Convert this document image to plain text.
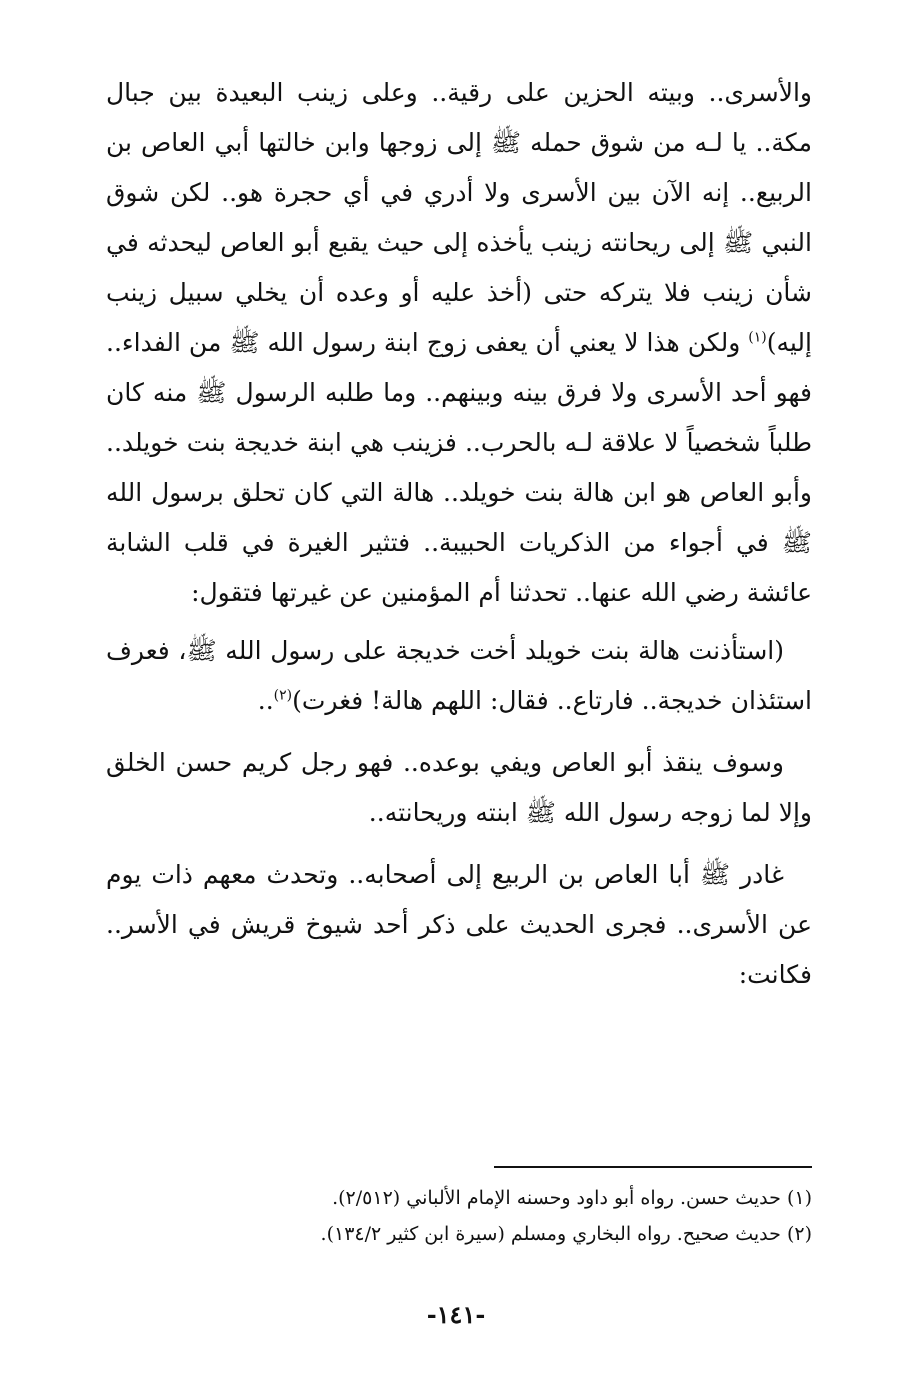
والأسرى.. وبيته الحزين على رقية.. وعلى زينب البعيدة بين جبال مكة.. يا لـه من شوق حمله ﷺ إلى زوجها وابن خالتها أبي العاص بن الربيع.. إنه الآن بين الأسرى ولا أدري في أي حجرة هو.. لكن شوق النبي ﷺ إلى ريحانته زينب يأخذه إلى حيث يقبع أبو العاص ليحدثه في شأن زينب فلا يتركه حتى (أخذ عليه أو وعده أن يخلي سبيل زينب إليه)$^{(١)}$ ولكن هذا لا يعني أن يعفى زوج ابنة رسول الله ﷺ من الفداء.. فهو أحد الأسرى ولا فرق بينه وبينهم.. وما طلبه الرسول ﷺ منه كان طلباً شخصياً لا علاقة لـه بالحرب.. فزينب هي ابنة خديجة بنت خويلد.. وأبو العاص هو ابن هالة بنت خويلد.. هالة التي كان تحلق برسول الله ﷺ في أجواء من الذكريات الحبيبة.. فتثير الغيرة في قلب الشابة عائشة رضي الله عنها.. تحدثنا أم المؤمنين عن غيرتها فتقول:

(استأذنت هالة بنت خويلد أخت خديجة على رسول الله ﷺ، فعرف استئذان خديجة.. فارتاع.. فقال: اللهم هالة! فغرت)$^{(٢)}$..

وسوف ينقذ أبو العاص ويفي بوعده.. فهو رجل كريم حسن الخلق وإلا لما زوجه رسول الله ﷺ ابنته وريحانته..

غادر ﷺ أبا العاص بن الربيع إلى أصحابه.. وتحدث معهم ذات يوم عن الأسرى.. فجرى الحديث على ذكر أحد شيوخ قريش في الأسر.. فكانت:

(١) حديث حسن. رواه أبو داود وحسنه الإمام الألباني (٢/٥١٢).

(٢) حديث صحيح. رواه البخاري ومسلم (سيرة ابن كثير ١٣٤/٢).

-١٤١-
